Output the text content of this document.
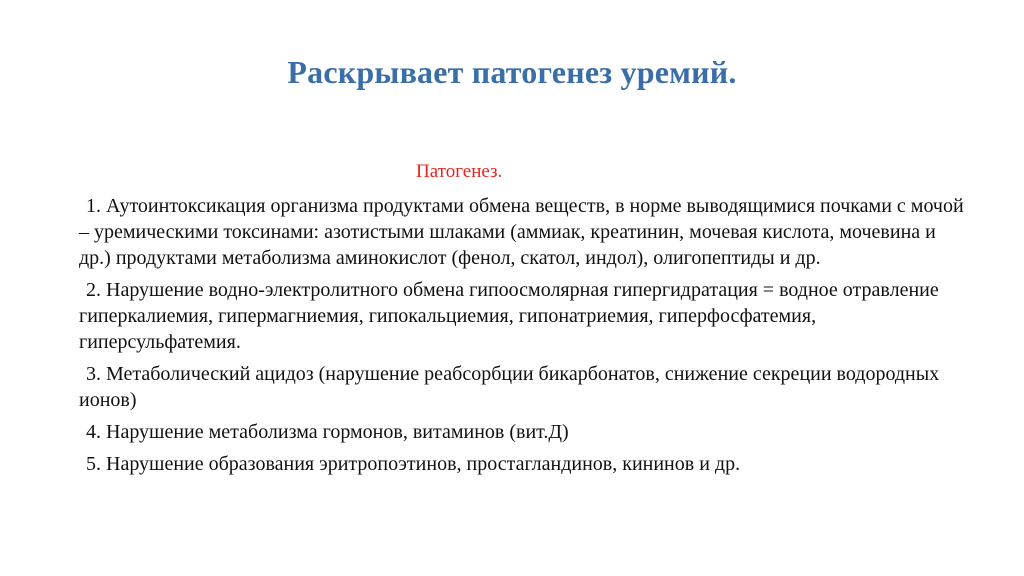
Раскрывает патогенез уремий.
Патогенез.

1. Аутоинтоксикация организма продуктами обмена веществ, в норме выводящимися почками с мочой – уремическими токсинами: азотистыми шлаками (аммиак, креатинин, мочевая кислота, мочевина и др.) продуктами метаболизма аминокислот (фенол, скатол, индол), олигопептиды и др.

2. Нарушение водно-электролитного обмена гипоосмолярная гипергидратация = водное отравление гиперкалиемия, гипермагниемия, гипокальциемия, гипонатриемия, гиперфосфатемия, гиперсульфатемия.

3. Метаболический ацидоз (нарушение реабсорбции бикарбонатов, снижение секреции водородных ионов)

4. Нарушение метаболизма гормонов, витаминов (вит.Д)

5. Нарушение образования эритропоэтинов, простагландинов, кининов и др.
